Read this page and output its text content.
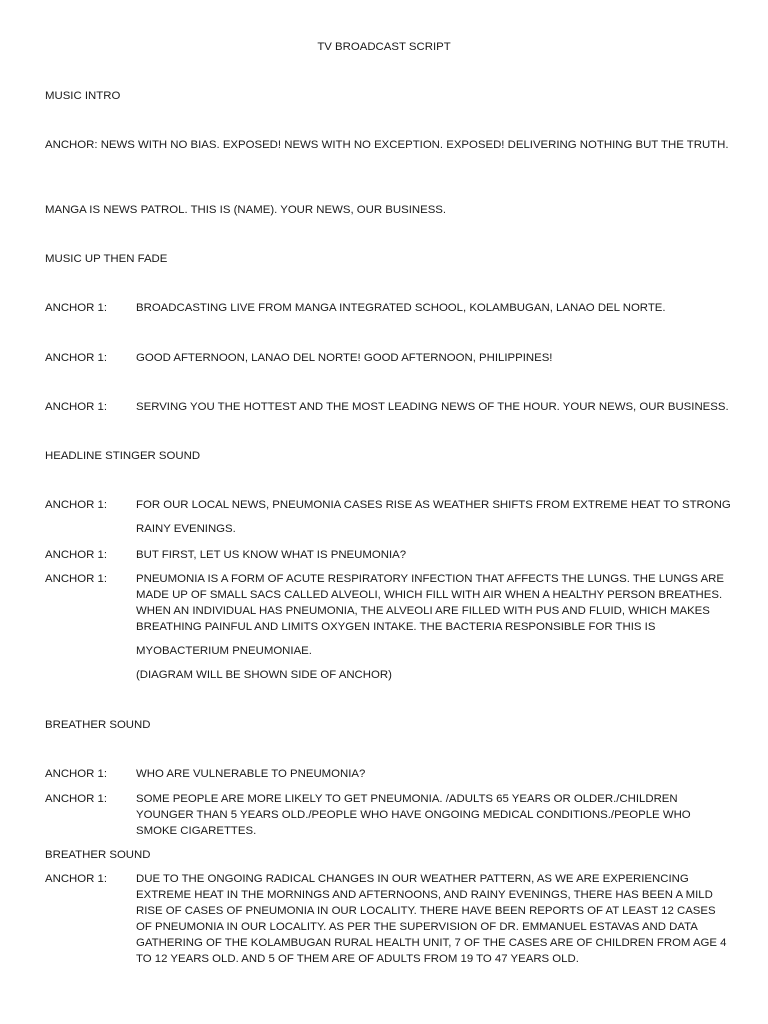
TV BROADCAST SCRIPT
MUSIC INTRO
ANCHOR: NEWS WITH NO BIAS. EXPOSED! NEWS WITH NO EXCEPTION. EXPOSED! DELIVERING NOTHING BUT THE TRUTH.
MANGA IS NEWS PATROL. THIS IS (NAME). YOUR NEWS, OUR BUSINESS.
MUSIC UP THEN FADE
ANCHOR 1:	BROADCASTING LIVE FROM MANGA INTEGRATED SCHOOL, KOLAMBUGAN, LANAO DEL NORTE.
ANCHOR 1:	GOOD AFTERNOON, LANAO DEL NORTE! GOOD AFTERNOON, PHILIPPINES!
ANCHOR 1:	SERVING YOU THE HOTTEST AND THE MOST LEADING NEWS OF THE HOUR. YOUR NEWS, OUR BUSINESS.
HEADLINE STINGER SOUND
ANCHOR 1:	FOR OUR LOCAL NEWS, PNEUMONIA CASES RISE AS WEATHER SHIFTS FROM EXTREME HEAT TO STRONG
RAINY EVENINGS.
ANCHOR 1:	BUT FIRST, LET US KNOW WHAT IS PNEUMONIA?
ANCHOR 1:	PNEUMONIA IS A FORM OF ACUTE RESPIRATORY INFECTION THAT AFFECTS THE LUNGS. THE LUNGS ARE MADE UP OF SMALL SACS CALLED ALVEOLI, WHICH FILL WITH AIR WHEN A HEALTHY PERSON BREATHES. WHEN AN INDIVIDUAL HAS PNEUMONIA, THE ALVEOLI ARE FILLED WITH PUS AND FLUID, WHICH MAKES BREATHING PAINFUL AND LIMITS OXYGEN INTAKE. THE BACTERIA RESPONSIBLE FOR THIS IS
MYOBACTERIUM PNEUMONIAE.
(DIAGRAM WILL BE SHOWN SIDE OF ANCHOR)
BREATHER SOUND
ANCHOR 1:	WHO ARE VULNERABLE TO PNEUMONIA?
ANCHOR 1:	SOME PEOPLE ARE MORE LIKELY TO GET PNEUMONIA. /ADULTS 65 YEARS OR OLDER./CHILDREN YOUNGER THAN 5 YEARS OLD./PEOPLE WHO HAVE ONGOING MEDICAL CONDITIONS./PEOPLE WHO SMOKE CIGARETTES.
BREATHER SOUND
ANCHOR 1:	DUE TO THE ONGOING RADICAL CHANGES IN OUR WEATHER PATTERN, AS WE ARE EXPERIENCING EXTREME HEAT IN THE MORNINGS AND AFTERNOONS, AND RAINY EVENINGS, THERE HAS BEEN A MILD RISE OF CASES OF PNEUMONIA IN OUR LOCALITY. THERE HAVE BEEN REPORTS OF AT LEAST 12 CASES OF PNEUMONIA IN OUR LOCALITY. AS PER THE SUPERVISION OF DR. EMMANUEL ESTAVAS AND DATA GATHERING OF THE KOLAMBUGAN RURAL HEALTH UNIT, 7 OF THE CASES ARE OF CHILDREN FROM AGE 4 TO 12 YEARS OLD. AND 5 OF THEM ARE OF ADULTS FROM 19 TO 47 YEARS OLD.
